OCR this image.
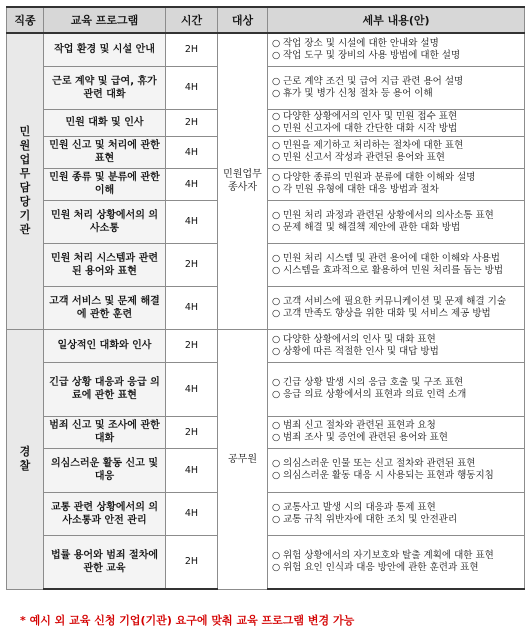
직종	교육 프로그램	시간	대상	세부 내용(안)
민원업무담당기관	작업 환경 및 시설 안내	2H	민원업무종사자	○ 작업 장소 및 시설에 대한 안내와 설명
○ 작업 도구 및 장비의 사용 방법에 대한 설명

	근로 계약 및 급여, 휴가 관련 대화	4H		○ 근로 계약 조건 및 급여 지급 관련 용어 설명
○ 휴가 및 병가 신청 절차 등 용어 이해

	민원 대화 및 인사	2H		○ 다양한 상황에서의 인사 및 민원 접수 표현
○ 민원 신고자에 대한 간단한 대화 시작 방법

	민원 신고 및 처리에 관한 표현	4H		○ 민원을 제기하고 처리하는 절차에 대한 표현
○ 민원 신고서 작성과 관련된 용어와 표현

	민원 종류 및 분류에 관한 이해	4H		○ 다양한 종류의 민원과 분류에 대한 이해와 설명
○ 각 민원 유형에 대한 대응 방법과 절차

	민원 처리 상황에서의 의사소통	4H		○ 민원 처리 과정과 관련된 상황에서의 의사소통 표현
○ 문제 해결 및 해결책 제안에 관한 대화 방법

	민원 처리 시스템과 관련된 용어와 표현	2H		○ 민원 처리 시스템 및 관련 용어에 대한 이해와 사용법
○ 시스템을 효과적으로 활용하여 민원 처리를 돕는 방법

	고객 서비스 및 문제 해결에 관한 훈련	4H		○ 고객 서비스에 필요한 커뮤니케이션 및 문제 해결 기술
○ 고객 만족도 향상을 위한 대화 및 서비스 제공 방법

경찰	일상적인 대화와 인사	2H	공무원	○ 다양한 상황에서의 인사 및 대화 표현
○ 상황에 따른 적절한 인사 및 대답 방법

	긴급 상황 대응과 응급 의료에 관한 표현	4H		○ 긴급 상황 발생 시의 응급 호출 및 구조 표현
○ 응급 의료 상황에서의 표현과 의료 인력 소개

	범죄 신고 및 조사에 관한 대화	2H		○ 범죄 신고 절차와 관련된 표현과 요청
○ 범죄 조사 및 증언에 관련된 용어와 표현

	의심스러운 활동 신고 및 대응	4H		○ 의심스러운 인물 또는 신고 절차와 관련된 표현
○ 의심스러운 활동 대응 시 사용되는 표현과 행동지침

	교통 관련 상황에서의 의사소통과 안전 관리	4H		○ 교통사고 발생 시의 대응과 통제 표현
○ 교통 규칙 위반자에 대한 조치 및 안전관리

	법률 용어와 범죄 절차에 관한 교육	2H		○ 위험 상황에서의 자기보호와 탈출 계획에 대한 표현
○ 위험 요인 인식과 대응 방안에 관한 훈련과 표현
* 예시 외 교육 신청 기업(기관) 요구에 맞춰 교육 프로그램 변경 가능
